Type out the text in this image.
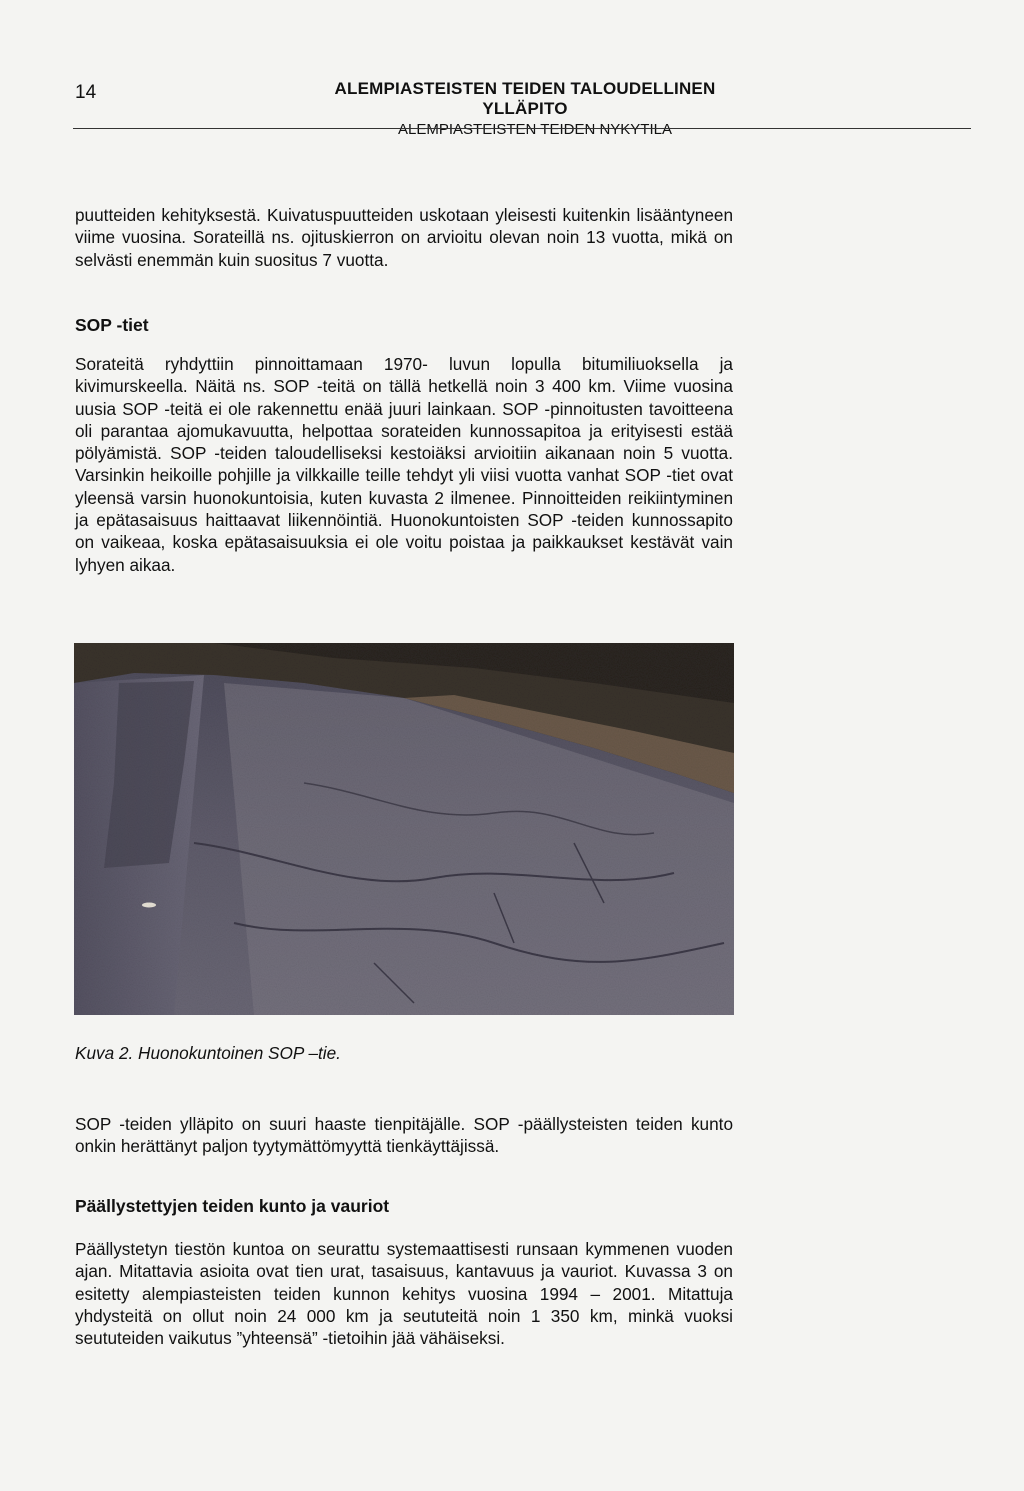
14	ALEMPIASTEISTEN TEIDEN TALOUDELLINEN YLLÄPITO
ALEMPIASTEISTEN TEIDEN NYKYTILA

puutteiden kehityksestä. Kuivatuspuutteiden uskotaan yleisesti kuitenkin lisääntyneen viime vuosina. Sorateillä ns. ojituskierron on arvioitu olevan noin 13 vuotta, mikä on selvästi enemmän kuin suositus 7 vuotta.

SOP -tiet

Sorateitä ryhdyttiin pinnoittamaan 1970- luvun lopulla bitumiliuoksella ja kivimurskeella. Näitä ns. SOP -teitä on tällä hetkellä noin 3 400 km. Viime vuosina uusia SOP -teitä ei ole rakennettu enää juuri lainkaan. SOP -pinnoitusten tavoitteena oli parantaa ajomukavuutta, helpottaa sorateiden kunnossapitoa ja erityisesti estää pölyämistä. SOP -teiden taloudelliseksi kestoiäksi arvioitiin aikanaan noin 5 vuotta. Varsinkin heikoille pohjille ja vilkkaille teille tehdyt yli viisi vuotta vanhat SOP -tiet ovat yleensä varsin huonokuntoisia, kuten kuvasta 2 ilmenee. Pinnoitteiden reikiintyminen ja epätasaisuus haittaavat liikennöintiä. Huonokuntoisten SOP -teiden kunnossapito on vaikeaa, koska epätasaisuuksia ei ole voitu poistaa ja paikkaukset kestävät vain lyhyen aikaa.

Kuva 2. Huonokuntoinen SOP –tie.

SOP -teiden ylläpito on suuri haaste tienpitäjälle. SOP -päällysteisten teiden kunto onkin herättänyt paljon tyytymättömyyttä tienkäyttäjissä.

Päällystettyjen teiden kunto ja vauriot

Päällystetyn tiestön kuntoa on seurattu systemaattisesti runsaan kymmenen vuoden ajan. Mitattavia asioita ovat tien urat, tasaisuus, kantavuus ja vauriot. Kuvassa 3 on esitetty alempiasteisten teiden kunnon kehitys vuosina 1994 – 2001. Mitattuja yhdysteitä on ollut noin 24 000 km ja seututeitä noin 1 350 km, minkä vuoksi seututeiden vaikutus ”yhteensä” -tietoihin jää vähäiseksi.
